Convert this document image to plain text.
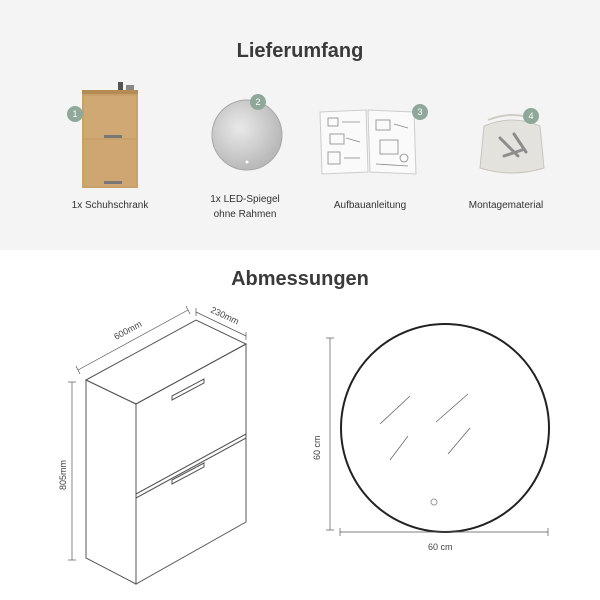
Lieferumfang
1
2
3	4
1x Schuhschrank
1x LED-Spiegel
ohne Rahmen
Aufbauanleitung	Montagematerial
Abmessungen
600mm
230mm
805mm
60 cm
60 cm
